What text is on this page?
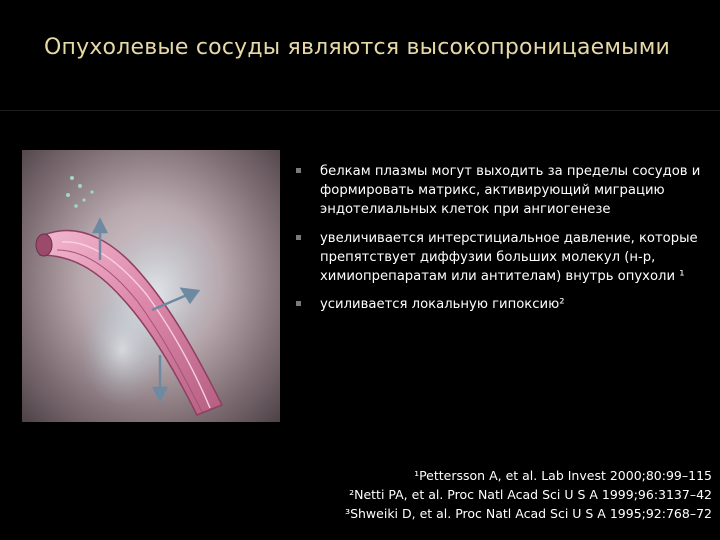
Опухолевые сосуды являются высокопроницаемыми
белкам плазмы могут выходить за пределы сосудов и формировать матрикс, активирующий миграцию эндотелиальных клеток при ангиогенезе
увеличивается интерстициальное давление, которые препятствует диффузии больших молекул (н-р, химиопрепаратам или антителам) внутрь опухоли ¹
усиливается локальную гипоксию²
¹Pettersson A, et al. Lab Invest 2000;80:99–115
²Netti PA, et al. Proc Natl Acad Sci U S A 1999;96:3137–42
³Shweiki D, et al. Proc Natl Acad Sci U S A 1995;92:768–72
